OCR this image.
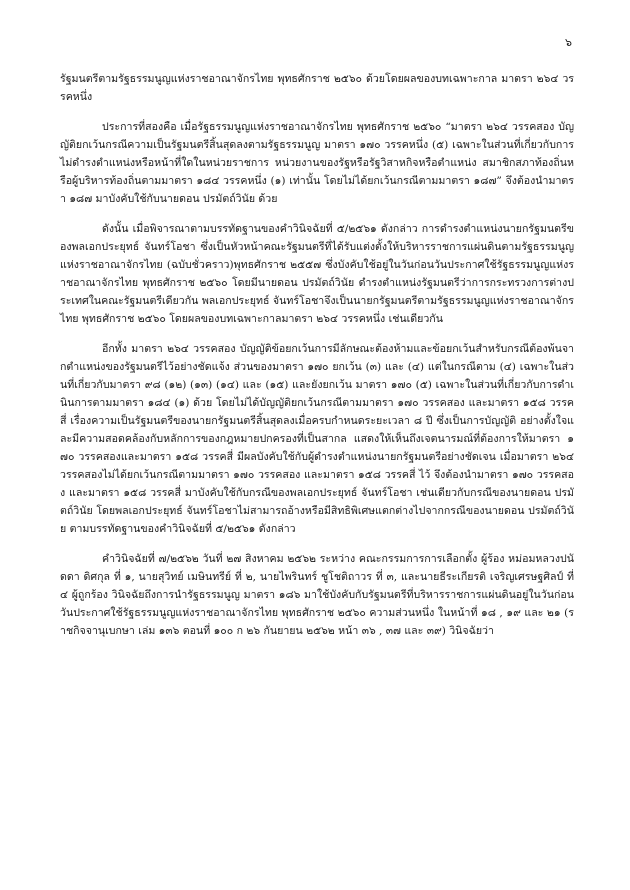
๖

รัฐมนตรีตามรัฐธรรมนูญแห่งราชอาณาจักรไทย พุทธศักราช ๒๕๖๐ ด้วยโดยผลของบทเฉพาะกาล มาตรา ๒๖๔ วรรคหนึ่ง

ประการที่สองคือ เมื่อรัฐธรรมนูญแห่งราชอาณาจักรไทย พุทธศักราช ๒๕๖๐ “มาตรา ๒๖๔ วรรคสอง บัญญัติยกเว้นกรณีความเป็นรัฐมนตรีสิ้นสุดลงตามรัฐธรรมนูญ มาตรา ๑๗๐ วรรคหนึ่ง (๕) เฉพาะในส่วนที่เกี่ยวกับการไม่ดำรงตำแหน่งหรือหน้าที่ใดในหน่วยราชการ หน่วยงานของรัฐหรือรัฐวิสาหกิจหรือตำแหน่ง สมาชิกสภาท้องถิ่นหรือผู้บริหารท้องถิ่นตามมาตรา ๑๘๔ วรรคหนึ่ง (๑) เท่านั้น โดยไม่ได้ยกเว้นกรณีตามมาตรา ๑๘๗” จึงต้องนำมาตรา ๑๘๗ มาบังคับใช้กับนายดอน ปรมัตถ์วินัย ด้วย

ดังนั้น เมื่อพิจารณาตามบรรทัดฐานของคำวินิจฉัยที่ ๕/๒๕๖๑ ดังกล่าว การดำรงตำแหน่งนายกรัฐมนตรีของพลเอกประยุทธ์ จันทร์โอชา ซึ่งเป็นหัวหน้าคณะรัฐมนตรีที่ได้รับแต่งตั้งให้บริหารราชการแผ่นดินตามรัฐธรรมนูญแห่งราชอาณาจักรไทย (ฉบับชั่วคราว)พุทธศักราช ๒๕๕๗ ซึ่งบังคับใช้อยู่ในวันก่อนวันประกาศใช้รัฐธรรมนูญแห่งราชอาณาจักรไทย พุทธศักราช ๒๕๖๐ โดยมีนายดอน ปรมัตถ์วินัย ดำรงตำแหน่งรัฐมนตรีว่าการกระทรวงการต่างประเทศในคณะรัฐมนตรีเดียวกัน พลเอกประยุทธ์ จันทร์โอชาจึงเป็นนายกรัฐมนตรีตามรัฐธรรมนูญแห่งราชอาณาจักรไทย พุทธศักราช ๒๕๖๐ โดยผลของบทเฉพาะกาลมาตรา ๒๖๔ วรรคหนึ่ง เช่นเดียวกัน

อีกทั้ง มาตรา ๒๖๔ วรรคสอง บัญญัติข้อยกเว้นการมีลักษณะต้องห้ามและข้อยกเว้นสำหรับกรณีต้องพ้นจากตำแหน่งของรัฐมนตรีไว้อย่างชัดแจ้ง ส่วนของมาตรา ๑๗๐ ยกเว้น (๓) และ (๔) แต่ในกรณีตาม (๔) เฉพาะในส่วนที่เกี่ยวกับมาตรา ๙๘ (๑๒) (๑๓) (๑๔) และ (๑๕) และยังยกเว้น มาตรา ๑๗๐ (๕) เฉพาะในส่วนที่เกี่ยวกับการดำเนินการตามมาตรา ๑๘๔ (๑) ด้วย โดยไม่ได้บัญญัติยกเว้นกรณีตามมาตรา ๑๗๐ วรรคสอง และมาตรา ๑๕๘ วรรคสี่ เรื่องความเป็นรัฐมนตรีของนายกรัฐมนตรีสิ้นสุดลงเมื่อครบกำหนดระยะเวลา ๘ ปี ซึ่งเป็นการบัญญัติ อย่างตั้งใจและมีความสอดคล้องกับหลักการของกฎหมายปกครองที่เป็นสากล แสดงให้เห็นถึงเจตนารมณ์ที่ต้องการให้มาตรา ๑๗๐ วรรคสองและมาตรา ๑๕๘ วรรคสี่ มีผลบังคับใช้กับผู้ดำรงตำแหน่งนายกรัฐมนตรีอย่างชัดเจน เมื่อมาตรา ๒๖๔ วรรคสองไม่ได้ยกเว้นกรณีตามมาตรา ๑๗๐ วรรคสอง และมาตรา ๑๕๘ วรรคสี่ ไว้ จึงต้องนำมาตรา ๑๗๐ วรรคสอง และมาตรา ๑๕๘ วรรคสี่ มาบังคับใช้กับกรณีของพลเอกประยุทธ์ จันทร์โอชา เช่นเดียวกับกรณีของนายดอน ปรมัตถ์วินัย โดยพลเอกประยุทธ์ จันทร์โอชาไม่สามารถอ้างหรือมีสิทธิพิเศษแตกต่างไปจากกรณีของนายดอน ปรมัตถ์วินัย ตามบรรทัดฐานของคำวินิจฉัยที่ ๕/๒๕๖๑ ดังกล่าว

คำวินิจฉัยที่ ๗/๒๕๖๒ วันที่ ๒๗ สิงหาคม ๒๕๖๒ ระหว่าง คณะกรรมการการเลือกตั้ง ผู้ร้อง หม่อมหลวงปนัดดา ดิศกุล ที่ ๑, นายสุวิทย์ เมษินทรีย์ ที่ ๒, นายไพรินทร์ ชูโชติถาวร ที่ ๓, และนายธีระเกียรติ เจริญเศรษฐศิลป์ ที่ ๔ ผู้ถูกร้อง วินิจฉัยถึงการนำรัฐธรรมนูญ มาตรา ๑๘๖ มาใช้บังคับกับรัฐมนตรีที่บริหารราชการแผ่นดินอยู่ในวันก่อนวันประกาศใช้รัฐธรรมนูญแห่งราชอาณาจักรไทย พุทธศักราช ๒๕๖๐ ความส่วนหนึ่ง ในหน้าที่ ๑๘ , ๑๙ และ ๒๑ (ราชกิจจานุเบกษา เล่ม ๑๓๖ ตอนที่ ๑๐๐ ก ๒๖ กันยายน ๒๕๖๒ หน้า ๓๖ , ๓๗ และ ๓๙) วินิจฉัยว่า
